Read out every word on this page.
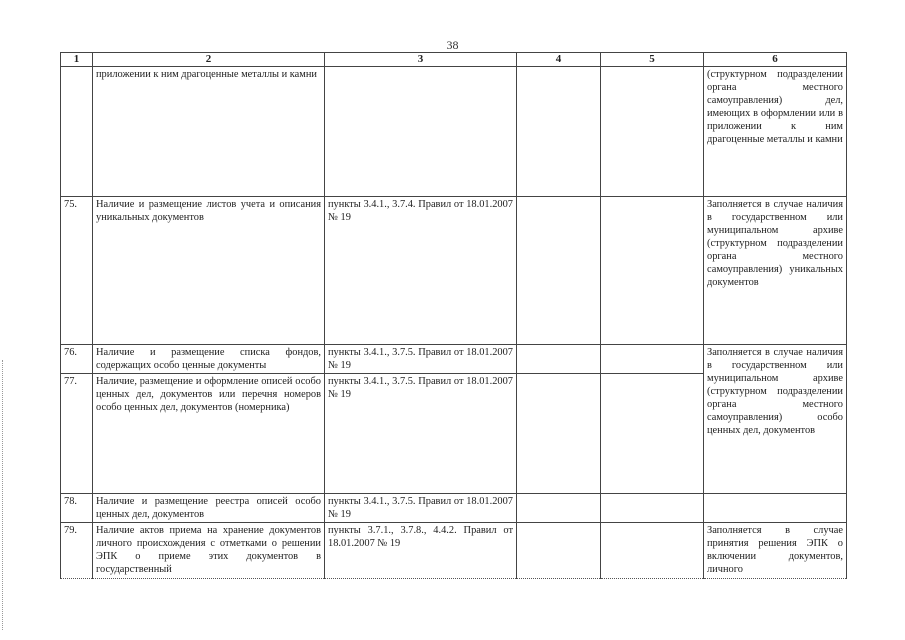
38
1	2	3	4	5	6
	приложении к ним драгоценные металлы и камни				(структурном подразделении органа местного самоуправления) дел, имеющих в оформлении или в приложении к ним драгоценные металлы и камни
75.	Наличие и размещение листов учета и описания уникальных документов	пункты 3.4.1., 3.7.4. Правил от 18.01.2007 № 19			Заполняется в случае наличия в государственном или муниципальном архиве (структурном подразделении органа местного самоуправления) уникальных документов
76.	Наличие и размещение списка фондов, содержащих особо ценные документы	пункты 3.4.1., 3.7.5. Правил от 18.01.2007 № 19			Заполняется в случае наличия в государственном или муниципальном архиве (структурном подразделении органа местного самоуправления) особо ценных дел, документов
77.	Наличие, размещение и оформление описей особо ценных дел, документов или перечня номеров особо ценных дел, документов (номерника)	пункты 3.4.1., 3.7.5. Правил от 18.01.2007 № 19			
78.	Наличие и размещение реестра описей особо ценных дел, документов	пункты 3.4.1., 3.7.5. Правил от 18.01.2007 № 19			
79.	Наличие актов приема на хранение документов личного происхождения с отметками о решении ЭПК о приеме этих документов в государственный	пункты 3.7.1., 3.7.8., 4.4.2. Правил от 18.01.2007 № 19			Заполняется в случае принятия решения ЭПК о включении документов, личного
